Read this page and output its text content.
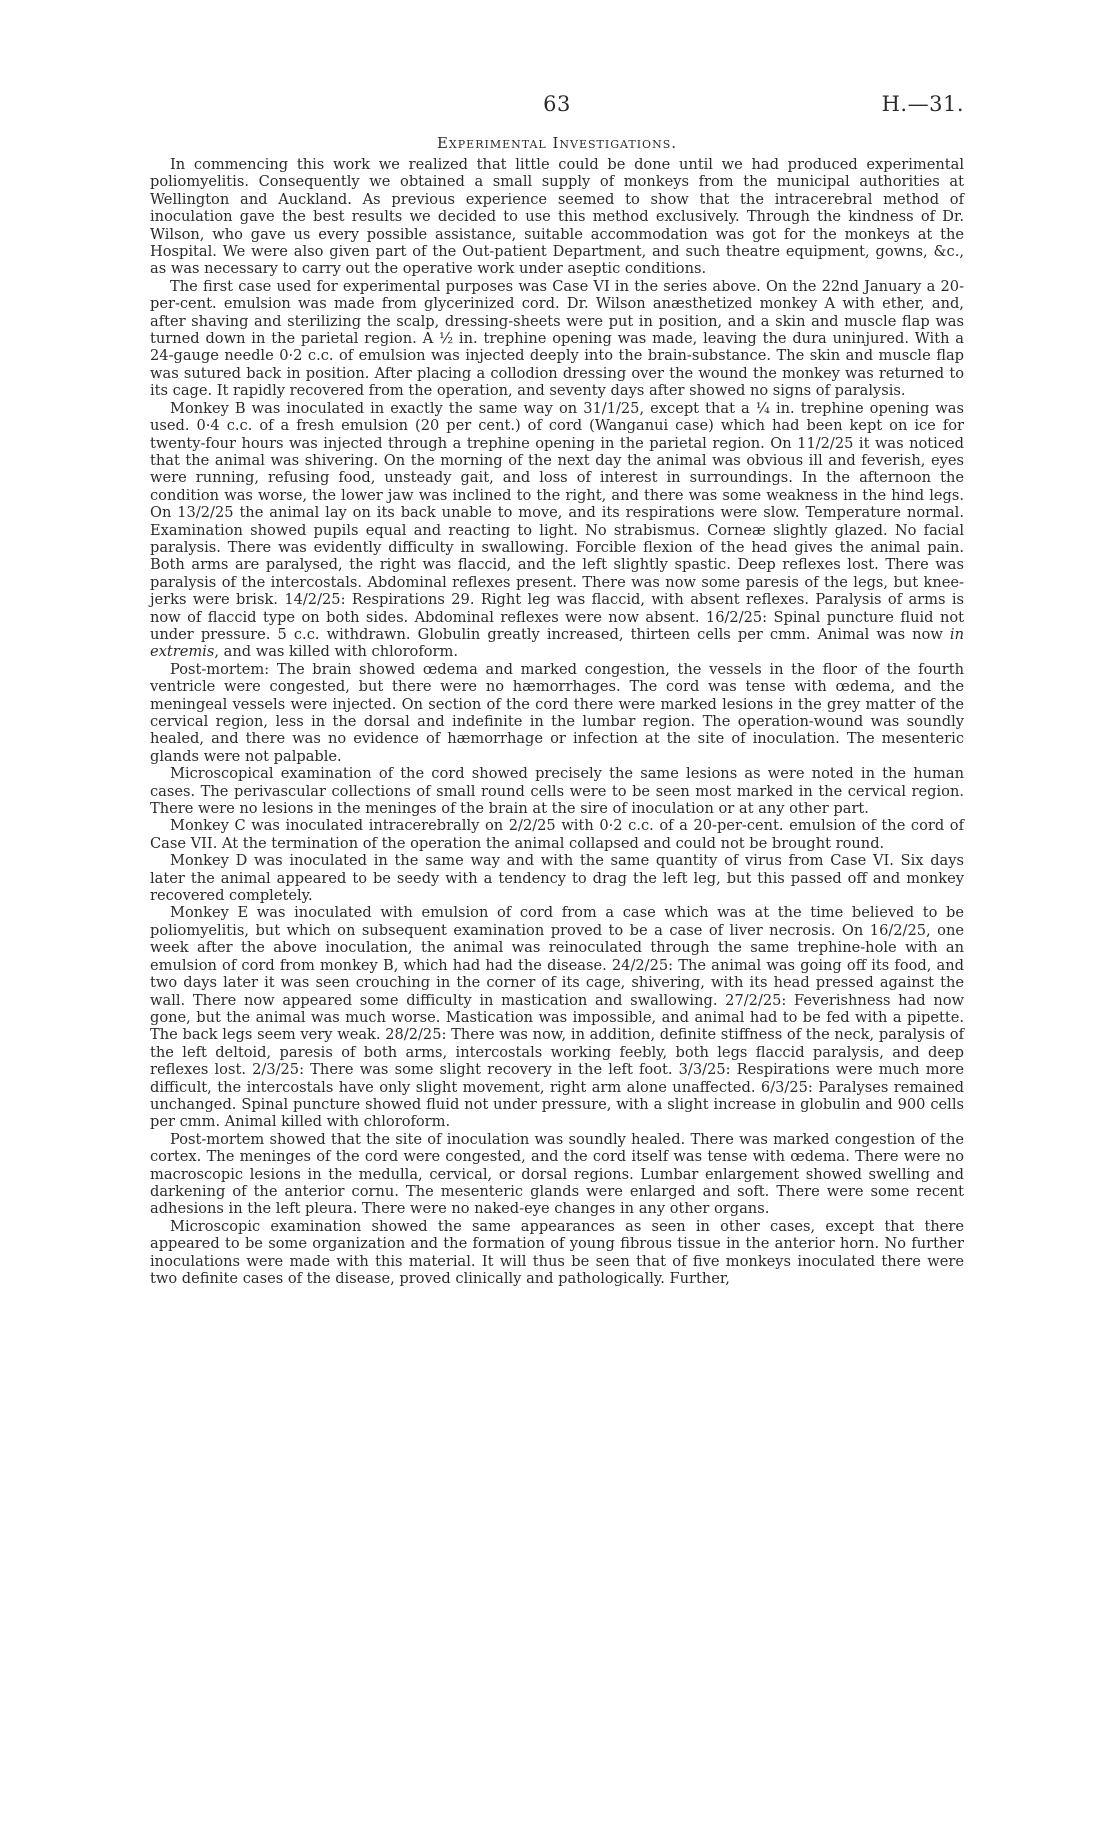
63	H.—31.
Experimental Investigations.

In commencing this work we realized that little could be done until we had produced experimental poliomyelitis. Consequently we obtained a small supply of monkeys from the municipal authorities at Wellington and Auckland. As previous experience seemed to show that the intracerebral method of inoculation gave the best results we decided to use this method exclusively. Through the kindness of Dr. Wilson, who gave us every possible assistance, suitable accommodation was got for the monkeys at the Hospital. We were also given part of the Out-patient Department, and such theatre equipment, gowns, &c., as was necessary to carry out the operative work under aseptic conditions.

The first case used for experimental purposes was Case VI in the series above. On the 22nd January a 20-per-cent. emulsion was made from glycerinized cord. Dr. Wilson anæsthetized monkey A with ether, and, after shaving and sterilizing the scalp, dressing-sheets were put in position, and a skin and muscle flap was turned down in the parietal region. A ½ in. trephine opening was made, leaving the dura uninjured. With a 24-gauge needle 0·2 c.c. of emulsion was injected deeply into the brain-substance. The skin and muscle flap was sutured back in position. After placing a collodion dressing over the wound the monkey was returned to its cage. It rapidly recovered from the operation, and seventy days after showed no signs of paralysis.

Monkey B was inoculated in exactly the same way on 31/1/25, except that a ¼ in. trephine opening was used. 0·4 c.c. of a fresh emulsion (20 per cent.) of cord (Wanganui case) which had been kept on ice for twenty-four hours was injected through a trephine opening in the parietal region. On 11/2/25 it was noticed that the animal was shivering. On the morning of the next day the animal was obvious ill and feverish, eyes were running, refusing food, unsteady gait, and loss of interest in surroundings. In the afternoon the condition was worse, the lower jaw was inclined to the right, and there was some weakness in the hind legs. On 13/2/25 the animal lay on its back unable to move, and its respirations were slow. Temperature normal. Examination showed pupils equal and reacting to light. No strabismus. Corneæ slightly glazed. No facial paralysis. There was evidently difficulty in swallowing. Forcible flexion of the head gives the animal pain. Both arms are paralysed, the right was flaccid, and the left slightly spastic. Deep reflexes lost. There was paralysis of the intercostals. Abdominal reflexes present. There was now some paresis of the legs, but knee-jerks were brisk. 14/2/25: Respirations 29. Right leg was flaccid, with absent reflexes. Paralysis of arms is now of flaccid type on both sides. Abdominal reflexes were now absent. 16/2/25: Spinal puncture fluid not under pressure. 5 c.c. withdrawn. Globulin greatly increased, thirteen cells per cmm. Animal was now in extremis, and was killed with chloroform.

Post-mortem: The brain showed œdema and marked congestion, the vessels in the floor of the fourth ventricle were congested, but there were no hæmorrhages. The cord was tense with œdema, and the meningeal vessels were injected. On section of the cord there were marked lesions in the grey matter of the cervical region, less in the dorsal and indefinite in the lumbar region. The operation-wound was soundly healed, and there was no evidence of hæmorrhage or infection at the site of inoculation. The mesenteric glands were not palpable.

Microscopical examination of the cord showed precisely the same lesions as were noted in the human cases. The perivascular collections of small round cells were to be seen most marked in the cervical region. There were no lesions in the meninges of the brain at the sire of inoculation or at any other part.

Monkey C was inoculated intracerebrally on 2/2/25 with 0·2 c.c. of a 20-per-cent. emulsion of the cord of Case VII. At the termination of the operation the animal collapsed and could not be brought round.

Monkey D was inoculated in the same way and with the same quantity of virus from Case VI. Six days later the animal appeared to be seedy with a tendency to drag the left leg, but this passed off and monkey recovered completely.

Monkey E was inoculated with emulsion of cord from a case which was at the time believed to be poliomyelitis, but which on subsequent examination proved to be a case of liver necrosis. On 16/2/25, one week after the above inoculation, the animal was reinoculated through the same trephine-hole with an emulsion of cord from monkey B, which had had the disease. 24/2/25: The animal was going off its food, and two days later it was seen crouching in the corner of its cage, shivering, with its head pressed against the wall. There now appeared some difficulty in mastication and swallowing. 27/2/25: Feverishness had now gone, but the animal was much worse. Mastication was impossible, and animal had to be fed with a pipette. The back legs seem very weak. 28/2/25: There was now, in addition, definite stiffness of the neck, paralysis of the left deltoid, paresis of both arms, intercostals working feebly, both legs flaccid paralysis, and deep reflexes lost. 2/3/25: There was some slight recovery in the left foot. 3/3/25: Respirations were much more difficult, the intercostals have only slight movement, right arm alone unaffected. 6/3/25: Paralyses remained unchanged. Spinal puncture showed fluid not under pressure, with a slight increase in globulin and 900 cells per cmm. Animal killed with chloroform.

Post-mortem showed that the site of inoculation was soundly healed. There was marked congestion of the cortex. The meninges of the cord were congested, and the cord itself was tense with œdema. There were no macroscopic lesions in the medulla, cervical, or dorsal regions. Lumbar enlargement showed swelling and darkening of the anterior cornu. The mesenteric glands were enlarged and soft. There were some recent adhesions in the left pleura. There were no naked-eye changes in any other organs.

Microscopic examination showed the same appearances as seen in other cases, except that there appeared to be some organization and the formation of young fibrous tissue in the anterior horn. No further inoculations were made with this material. It will thus be seen that of five monkeys inoculated there were two definite cases of the disease, proved clinically and pathologically. Further,
